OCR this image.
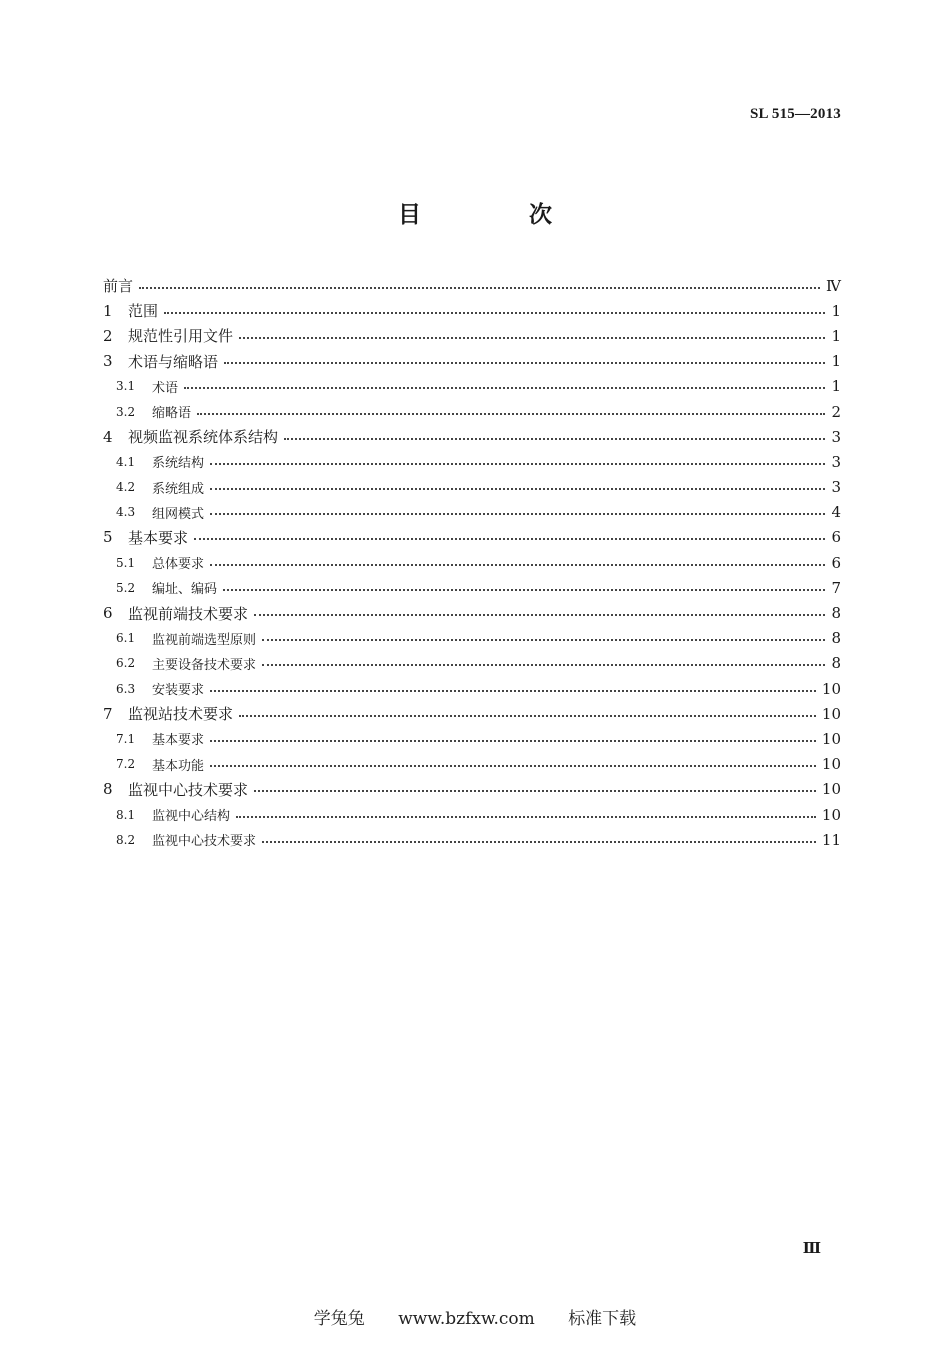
SL 515—2013
目 次
前言	Ⅳ
1	范围	1
2	规范性引用文件	1
3	术语与缩略语	1
3.1	术语	1
3.2	缩略语	2
4	视频监视系统体系结构	3
4.1	系统结构	3
4.2	系统组成	3
4.3	组网模式	4
5	基本要求	6
5.1	总体要求	6
5.2	编址、编码	7
6	监视前端技术要求	8
6.1	监视前端选型原则	8
6.2	主要设备技术要求	8
6.3	安装要求	10
7	监视站技术要求	10
7.1	基本要求	10
7.2	基本功能	10
8	监视中心技术要求	10
8.1	监视中心结构	10
8.2	监视中心技术要求	11
Ⅲ
学兔兔 www.bzfxw.com 标准下载
